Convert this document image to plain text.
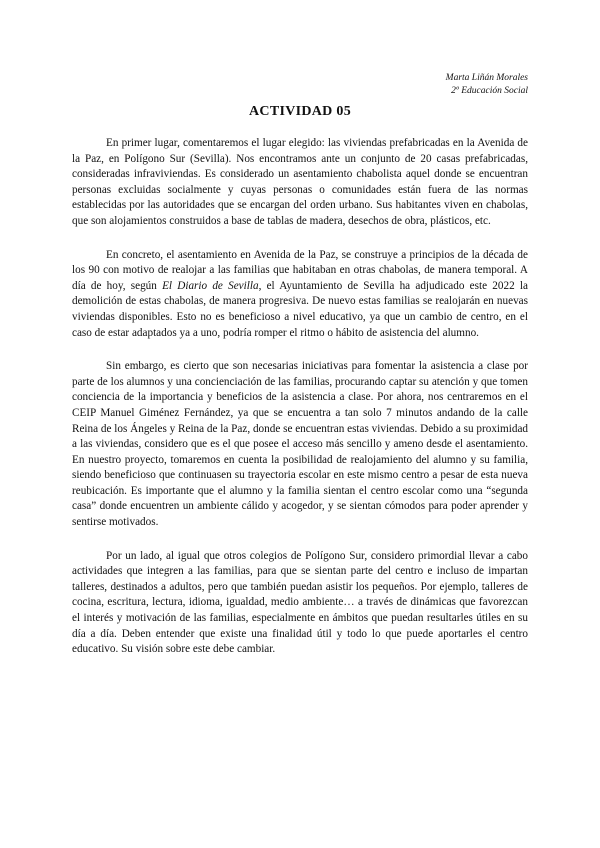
Marta Liñán Morales
2º Educación Social
ACTIVIDAD 05

En primer lugar, comentaremos el lugar elegido: las viviendas prefabricadas en la Avenida de la Paz, en Polígono Sur (Sevilla). Nos encontramos ante un conjunto de 20 casas prefabricadas, consideradas infraviviendas. Es considerado un asentamiento chabolista aquel donde se encuentran personas excluidas socialmente y cuyas personas o comunidades están fuera de las normas establecidas por las autoridades que se encargan del orden urbano. Sus habitantes viven en chabolas, que son alojamientos construidos a base de tablas de madera, desechos de obra, plásticos, etc.

En concreto, el asentamiento en Avenida de la Paz, se construye a principios de la década de los 90 con motivo de realojar a las familias que habitaban en otras chabolas, de manera temporal. A día de hoy, según El Diario de Sevilla, el Ayuntamiento de Sevilla ha adjudicado este 2022 la demolición de estas chabolas, de manera progresiva. De nuevo estas familias se realojarán en nuevas viviendas disponibles. Esto no es beneficioso a nivel educativo, ya que un cambio de centro, en el caso de estar adaptados ya a uno, podría romper el ritmo o hábito de asistencia del alumno.

Sin embargo, es cierto que son necesarias iniciativas para fomentar la asistencia a clase por parte de los alumnos y una concienciación de las familias, procurando captar su atención y que tomen conciencia de la importancia y beneficios de la asistencia a clase. Por ahora, nos centraremos en el CEIP Manuel Giménez Fernández, ya que se encuentra a tan solo 7 minutos andando de la calle Reina de los Ángeles y Reina de la Paz, donde se encuentran estas viviendas. Debido a su proximidad a las viviendas, considero que es el que posee el acceso más sencillo y ameno desde el asentamiento. En nuestro proyecto, tomaremos en cuenta la posibilidad de realojamiento del alumno y su familia, siendo beneficioso que continuasen su trayectoria escolar en este mismo centro a pesar de esta nueva reubicación. Es importante que el alumno y la familia sientan el centro escolar como una “segunda casa” donde encuentren un ambiente cálido y acogedor, y se sientan cómodos para poder aprender y sentirse motivados.

Por un lado, al igual que otros colegios de Polígono Sur, considero primordial llevar a cabo actividades que integren a las familias, para que se sientan parte del centro e incluso de impartan talleres, destinados a adultos, pero que también puedan asistir los pequeños. Por ejemplo, talleres de cocina, escritura, lectura, idioma, igualdad, medio ambiente… a través de dinámicas que favorezcan el interés y motivación de las familias, especialmente en ámbitos que puedan resultarles útiles en su día a día. Deben entender que existe una finalidad útil y todo lo que puede aportarles el centro educativo. Su visión sobre este debe cambiar.
